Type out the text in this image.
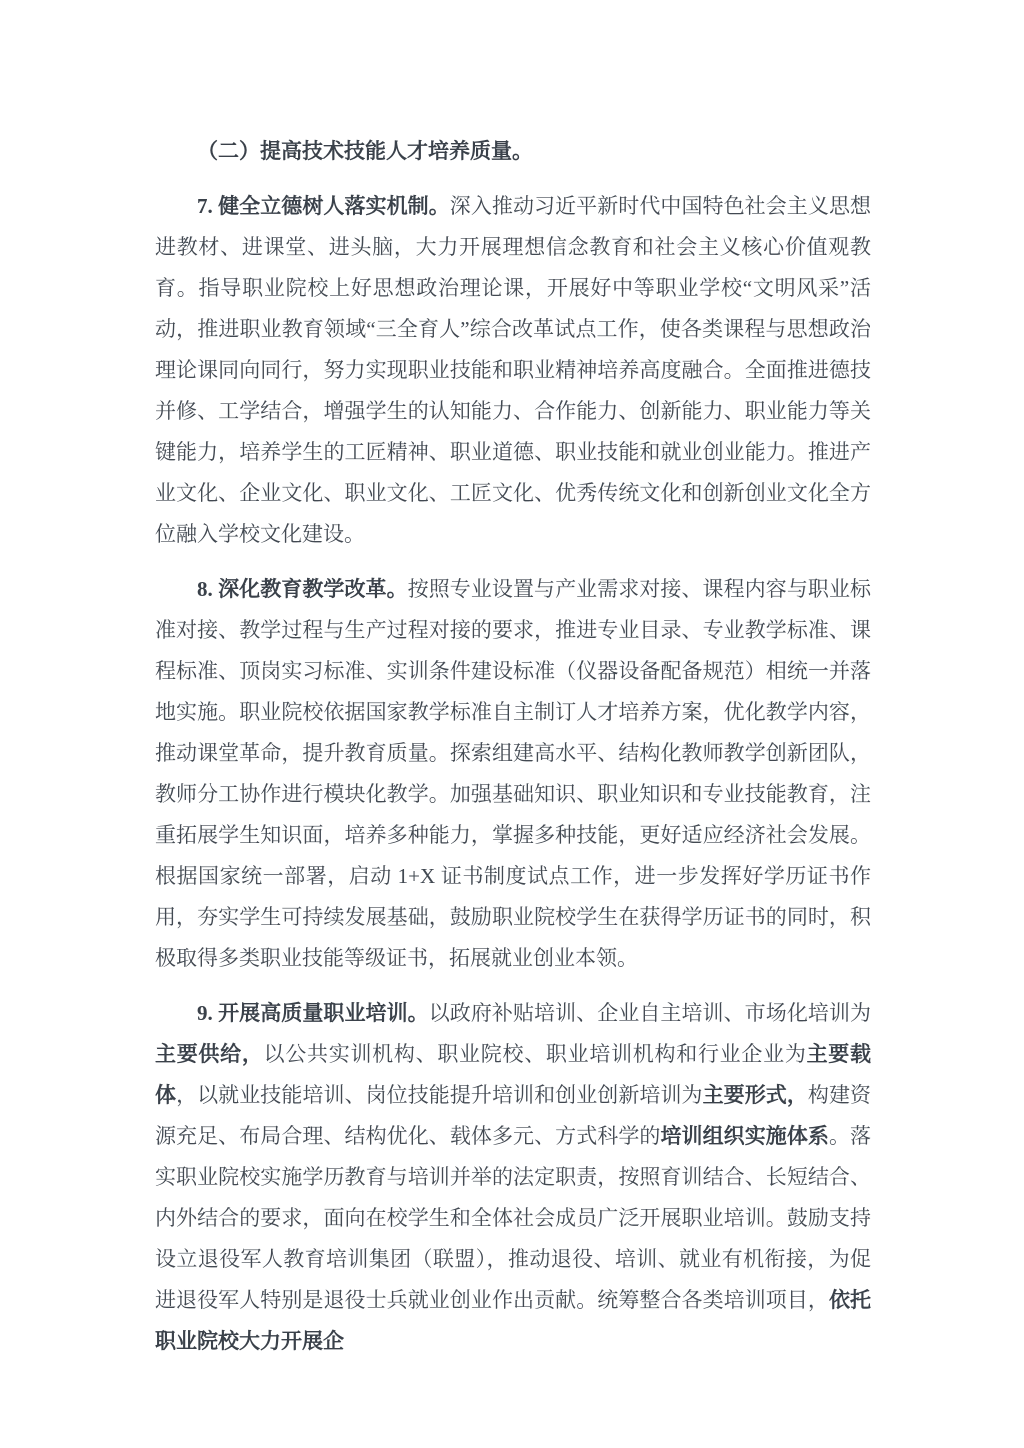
（二）提高技术技能人才培养质量。

7. 健全立德树人落实机制。深入推动习近平新时代中国特色社会主义思想进教材、进课堂、进头脑，大力开展理想信念教育和社会主义核心价值观教育。指导职业院校上好思想政治理论课，开展好中等职业学校“文明风采”活动，推进职业教育领域“三全育人”综合改革试点工作，使各类课程与思想政治理论课同向同行，努力实现职业技能和职业精神培养高度融合。全面推进德技并修、工学结合，增强学生的认知能力、合作能力、创新能力、职业能力等关键能力，培养学生的工匠精神、职业道德、职业技能和就业创业能力。推进产业文化、企业文化、职业文化、工匠文化、优秀传统文化和创新创业文化全方位融入学校文化建设。

8. 深化教育教学改革。按照专业设置与产业需求对接、课程内容与职业标准对接、教学过程与生产过程对接的要求，推进专业目录、专业教学标准、课程标准、顶岗实习标准、实训条件建设标准（仪器设备配备规范）相统一并落地实施。职业院校依据国家教学标准自主制订人才培养方案，优化教学内容，推动课堂革命，提升教育质量。探索组建高水平、结构化教师教学创新团队，教师分工协作进行模块化教学。加强基础知识、职业知识和专业技能教育，注重拓展学生知识面，培养多种能力，掌握多种技能，更好适应经济社会发展。根据国家统一部署，启动 1+X 证书制度试点工作，进一步发挥好学历证书作用，夯实学生可持续发展基础，鼓励职业院校学生在获得学历证书的同时，积极取得多类职业技能等级证书，拓展就业创业本领。

9. 开展高质量职业培训。以政府补贴培训、企业自主培训、市场化培训为主要供给，以公共实训机构、职业院校、职业培训机构和行业企业为主要载体，以就业技能培训、岗位技能提升培训和创业创新培训为主要形式，构建资源充足、布局合理、结构优化、载体多元、方式科学的培训组织实施体系。落实职业院校实施学历教育与培训并举的法定职责，按照育训结合、长短结合、内外结合的要求，面向在校学生和全体社会成员广泛开展职业培训。鼓励支持设立退役军人教育培训集团（联盟），推动退役、培训、就业有机衔接，为促进退役军人特别是退役士兵就业创业作出贡献。统筹整合各类培训项目，依托职业院校大力开展企
